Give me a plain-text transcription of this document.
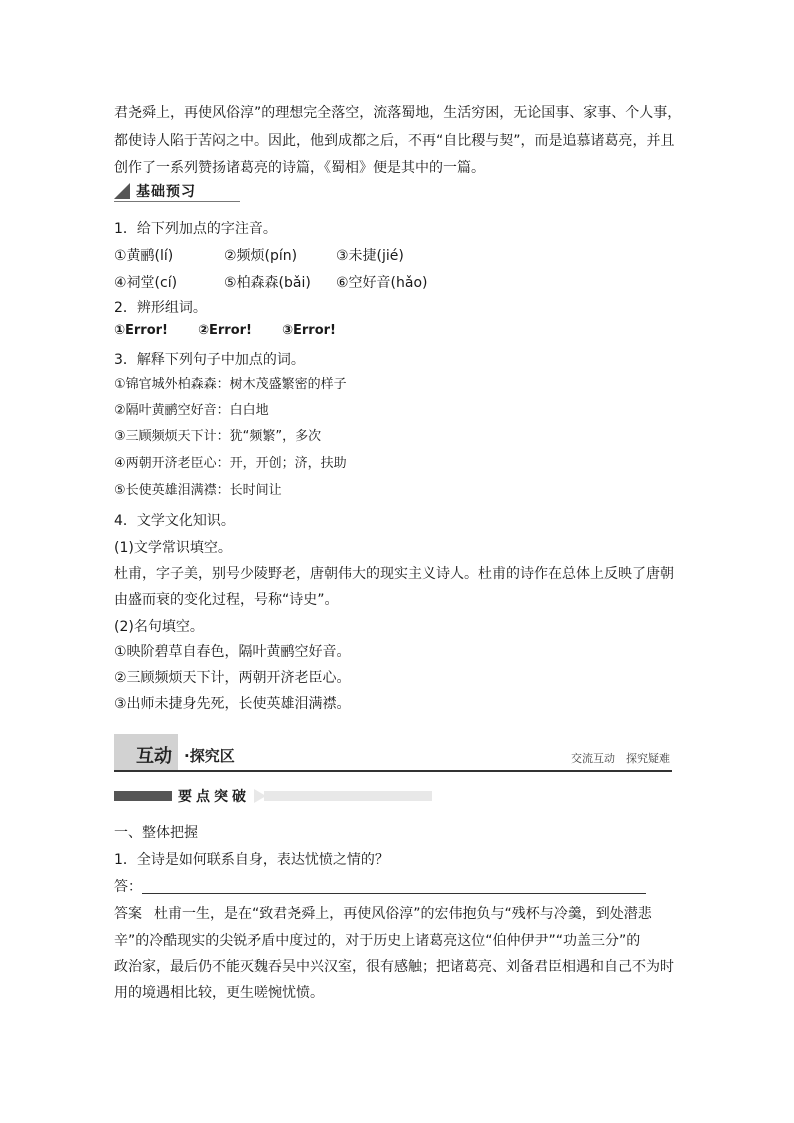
君尧舜上，再使风俗淳”的理想完全落空，流落蜀地，生活穷困，无论国事、家事、个人事，
都使诗人陷于苦闷之中。因此，他到成都之后，不再“自比稷与契”，而是追慕诸葛亮，并且
创作了一系列赞扬诸葛亮的诗篇，《蜀相》便是其中的一篇。
基础预习
1．给下列加点的字注音。
①黄鹂(lí)	②频烦(pín)	③未捷(jié)
④祠堂(cí)	⑤柏森森(bǎi) ⑥空好音(hǎo)
2．辨形组词。
①Error! ②Error! ③Error!
3．解释下列句子中加点的词。
①锦官城外柏森森：树木茂盛繁密的样子
②隔叶黄鹂空好音：白白地
③三顾频烦天下计：犹“频繁”，多次
④两朝开济老臣心：开，开创；济，扶助
⑤长使英雄泪满襟：长时间让
4．文学文化知识。
(1)文学常识填空。
杜甫，字子美，别号少陵野老，唐朝伟大的现实主义诗人。杜甫的诗作在总体上反映了唐朝
由盛而衰的变化过程，号称“诗史”。
(2)名句填空。
①映阶碧草自春色，隔叶黄鹂空好音。
②三顾频烦天下计，两朝开济老臣心。
③出师未捷身先死，长使英雄泪满襟。
互动 ·探究区	交流互动　探究疑难
要点突破
一、整体把握
1．全诗是如何联系自身，表达忧愤之情的？
答：
答案 杜甫一生，是在“致君尧舜上，再使风俗淳”的宏伟抱负与“残杯与冷羹，到处潜悲
辛”的冷酷现实的尖锐矛盾中度过的，对于历史上诸葛亮这位“伯仲伊尹”“功盖三分”的
政治家，最后仍不能灭魏吞吴中兴汉室，很有感触；把诸葛亮、刘备君臣相遇和自己不为时
用的境遇相比较，更生嗟惋忧愤。
